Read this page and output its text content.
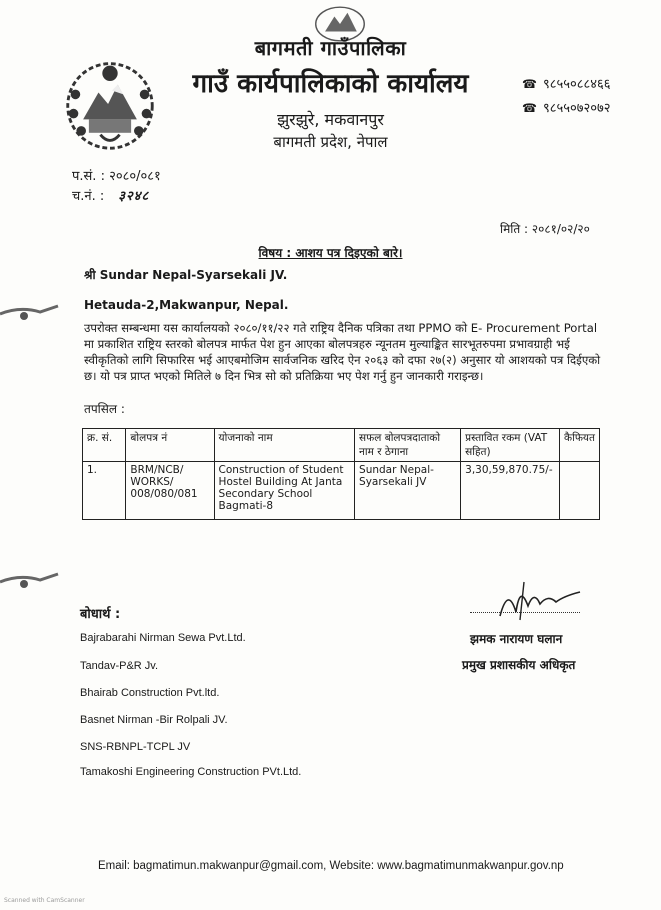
बागमती गाउँपालिका
गाउँ कार्यपालिकाको कार्यालय
झुरझुरे, मकवानपुर
बागमती प्रदेश, नेपाल
☎ ९८५५०८८४६६
☎ ९८५५०७२०७२
प.सं. : २०८०/०८१
च.नं. : ३२४८
मिति : २०८१/०२/२०
विषय : आशय पत्र दिइएको बारे।
श्री Sundar Nepal-Syarsekali JV.
Hetauda-2,Makwanpur, Nepal.
उपरोक्त सम्बन्धमा यस कार्यालयको २०८०/११/२२ गते राष्ट्रिय दैनिक पत्रिका तथा PPMO को E- Procurement Portal मा प्रकाशित राष्ट्रिय स्तरको बोलपत्र मार्फत पेश हुन आएका बोलपत्रहरु न्यूनतम मुल्याङ्कित सारभूतरुपमा प्रभावग्राही भई स्वीकृतिको लागि सिफारिस भई आएबमोजिम सार्वजनिक खरिद ऐन २०६३ को दफा २७(२) अनुसार यो आशयको पत्र दिईएको छ। यो पत्र प्राप्त भएको मितिले ७ दिन भित्र सो को प्रतिक्रिया भए पेश गर्नु हुन जानकारी गराइन्छ।
तपसिल :
क्र. सं.	बोलपत्र नं	योजनाको नाम	सफल बोलपत्रदाताको नाम र ठेगाना	प्रस्तावित रकम (VAT सहित)	कैफियत
1.	BRM/NCB/ WORKS/ 008/080/081	Construction of Student Hostel Building At Janta Secondary School Bagmati-8	Sundar Nepal-Syarsekali JV	3,30,59,870.75/-	
बोधार्थ :
Bajrabarahi Nirman Sewa Pvt.Ltd.
Tandav-P&R Jv.
Bhairab Construction Pvt.ltd.
Basnet Nirman -Bir Rolpali JV.
SNS-RBNPL-TCPL JV
Tamakoshi Engineering Construction PVt.Ltd.
झमक नारायण घलान
प्रमुख प्रशासकीय अधिकृत
Email: bagmatimun.makwanpur@gmail.com, Website: www.bagmatimunmakwanpur.gov.np
Scanned with CamScanner
